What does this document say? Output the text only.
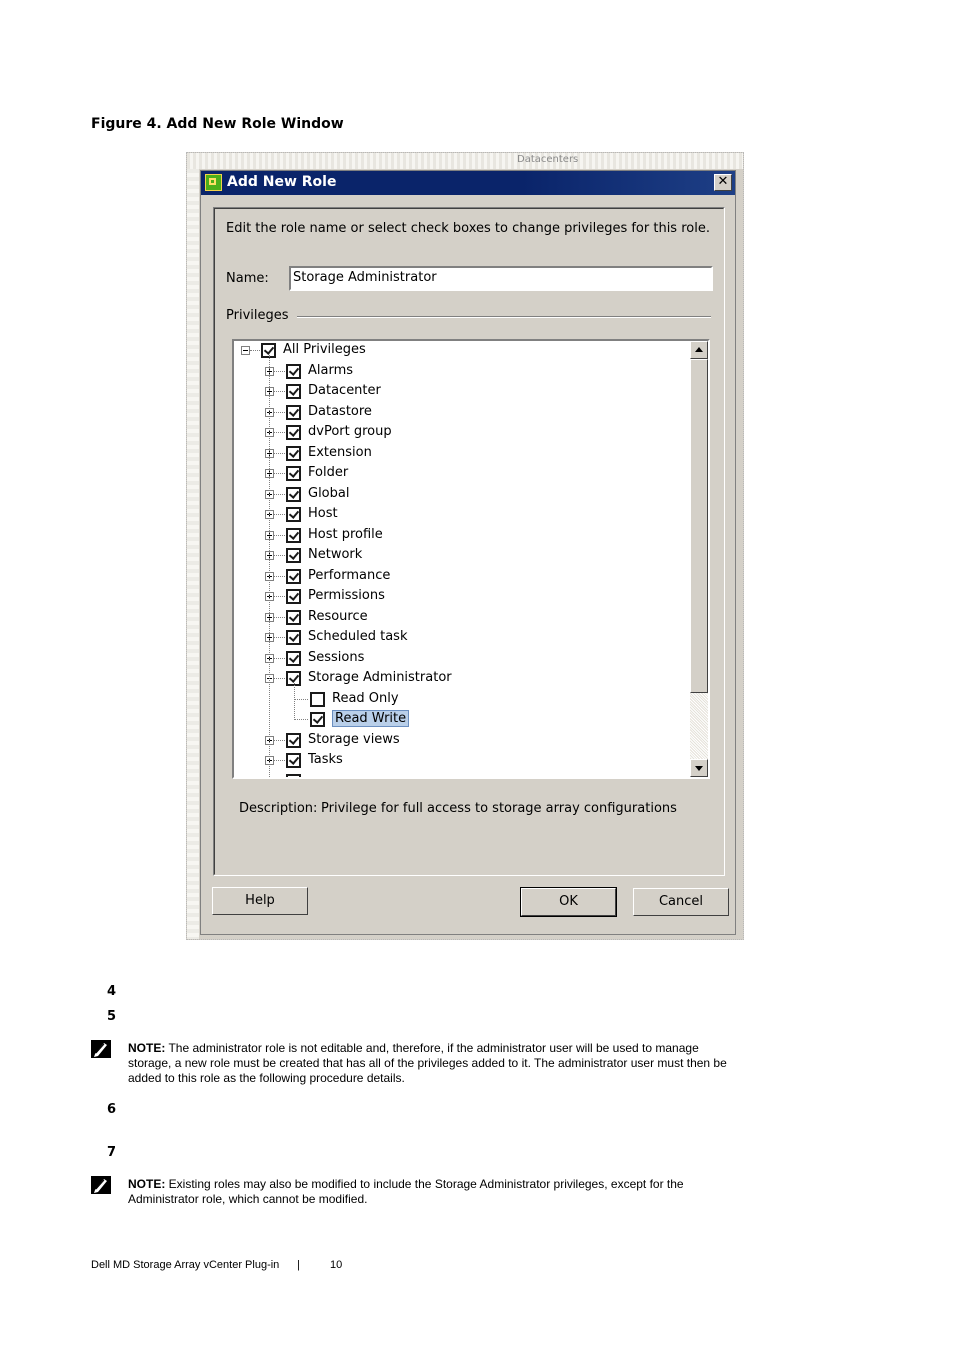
Figure 4. Add New Role Window
Datacenters
Add New Role	✕
Edit the role name or select check boxes to change privileges for this role.
Name:	Storage Administrator
Privileges
All Privileges
Alarms
Datacenter
Datastore
dvPort group
Extension
Folder
Global
Host
Host profile
Network
Performance
Permissions
Resource
Scheduled task
Sessions
Storage Administrator
Read Only
Read Write
Storage views
Tasks
Description: Privilege for full access to storage array configurations
Help	OK	Cancel
4
5
NOTE: The administrator role is not editable and, therefore, if the administrator user will be used to manage storage, a new role must be created that has all of the privileges added to it. The administrator user must then be added to this role as the following procedure details.
6
7
NOTE: Existing roles may also be modified to include the Storage Administrator privileges, except for the Administrator role, which cannot be modified.
Dell MD Storage Array vCenter Plug-in |	10
